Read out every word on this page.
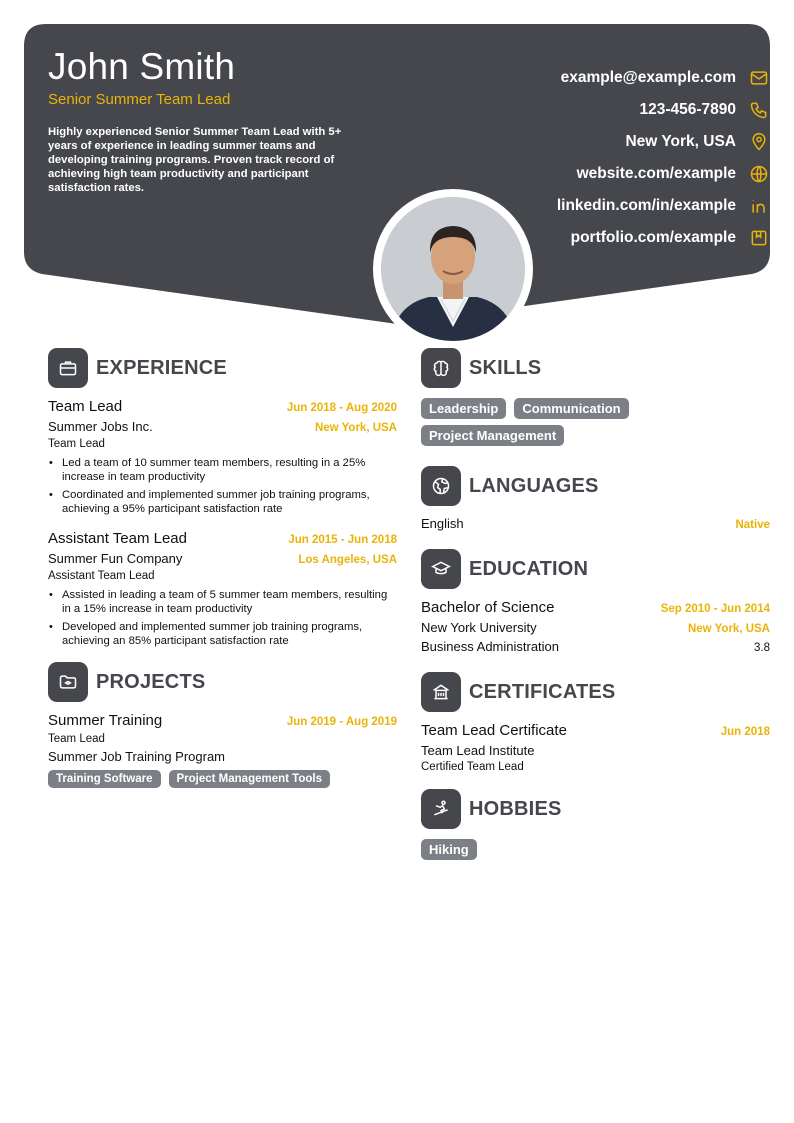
John Smith
Senior Summer Team Lead
Highly experienced Senior Summer Team Lead with 5+ years of experience in leading summer teams and developing training programs. Proven track record of achieving high team productivity and participant satisfaction rates.
example@example.com
123-456-7890
New York, USA
website.com/example
linkedin.com/in/example
portfolio.com/example
EXPERIENCE
Team Lead	Jun 2018 - Aug 2020
Summer Jobs Inc.	New York, USA
Team Lead
• Led a team of 10 summer team members, resulting in a 25% increase in team productivity
• Coordinated and implemented summer job training programs, achieving a 95% participant satisfaction rate
Assistant Team Lead	Jun 2015 - Jun 2018
Summer Fun Company	Los Angeles, USA
Assistant Team Lead
• Assisted in leading a team of 5 summer team members, resulting in a 15% increase in team productivity
• Developed and implemented summer job training programs, achieving an 85% participant satisfaction rate
PROJECTS
Summer Training	Jun 2019 - Aug 2019
Team Lead
Summer Job Training Program
Training Software	Project Management Tools
SKILLS
Leadership	Communication
Project Management
LANGUAGES
English	Native
EDUCATION
Bachelor of Science	Sep 2010 - Jun 2014
New York University	New York, USA
Business Administration	3.8
CERTIFICATES
Team Lead Certificate	Jun 2018
Team Lead Institute
Certified Team Lead
HOBBIES
Hiking
